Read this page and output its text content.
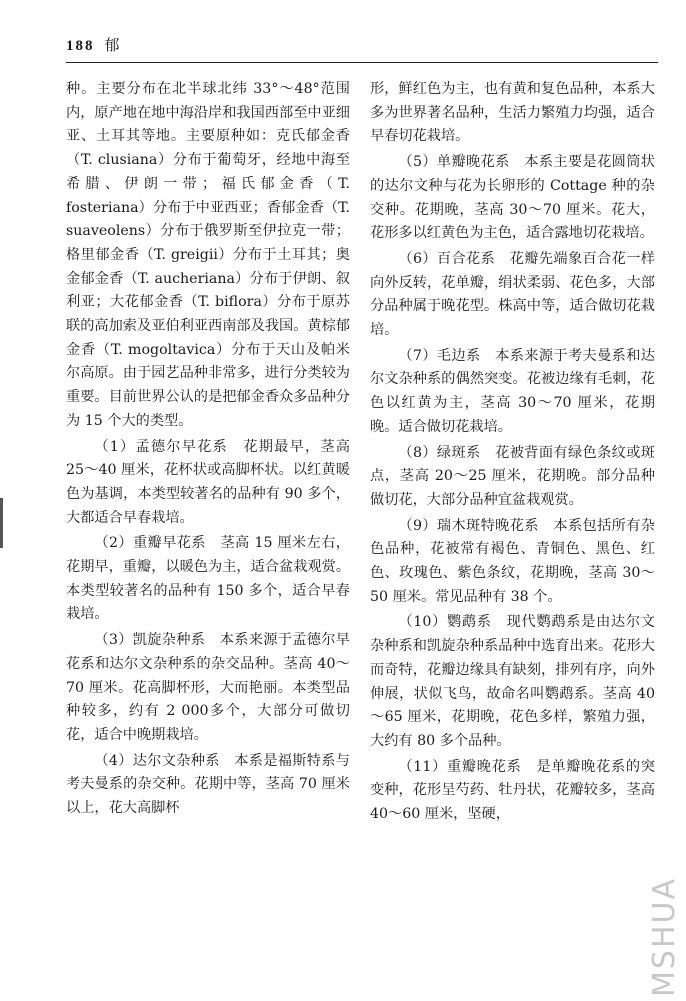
188 郁

种。主要分布在北半球北纬 33°～48°范围内，原产地在地中海沿岸和我国西部至中亚细亚、土耳其等地。主要原种如：克氏郁金香（T. clusiana）分布于葡萄牙，经地中海至希腊、伊朗一带；福氏郁金香（T. fosteriana）分布于中亚西亚；香郁金香（T. suaveolens）分布于俄罗斯至伊拉克一带；格里郁金香（T. greigii）分布于土耳其；奥金郁金香（T. aucheriana）分布于伊朗、叙利亚；大花郁金香（T. biflora）分布于原苏联的高加索及亚伯利亚西南部及我国。黄棕郁金香（T. mogoltavica）分布于天山及帕米尔高原。由于园艺品种非常多，进行分类较为重要。目前世界公认的是把郁金香众多品种分为 15 个大的类型。

（1）孟德尔早花系　花期最早，茎高 25～40 厘米，花杯状或高脚杯状。以红黄暖色为基调，本类型较著名的品种有 90 多个，大都适合早春栽培。

（2）重瓣早花系　茎高 15 厘米左右，花期早，重瓣，以暖色为主，适合盆栽观赏。本类型较著名的品种有 150 多个，适合早春栽培。

（3）凯旋杂种系　本系来源于孟德尔早花系和达尔文杂种系的杂交品种。茎高 40～70 厘米。花高脚杯形，大而艳丽。本类型品种较多，约有 2 000多个，大部分可做切花，适合中晚期栽培。

（4）达尔文杂种系　本系是福斯特系与考夫曼系的杂交种。花期中等，茎高 70 厘米以上，花大高脚杯

形，鲜红色为主，也有黄和复色品种，本系大多为世界著名品种，生活力繁殖力均强，适合早春切花栽培。

（5）单瓣晚花系　本系主要是花圆筒状的达尔文种与花为长卵形的 Cottage 种的杂交种。花期晚，茎高 30～70 厘米。花大，花形多以红黄色为主色，适合露地切花栽培。

（6）百合花系　花瓣先端象百合花一样向外反转，花单瓣，绢状柔弱、花色多，大部分品种属于晚花型。株高中等，适合做切花栽培。

（7）毛边系　本系来源于考夫曼系和达尔文杂种系的偶然突变。花被边缘有毛刺，花色以红黄为主，茎高 30～70 厘米，花期晚。适合做切花栽培。

（8）绿斑系　花被背面有绿色条纹或斑点，茎高 20～25 厘米，花期晚。部分品种做切花，大部分品种宜盆栽观赏。

（9）瑞木斑特晚花系　本系包括所有杂色品种，花被常有褐色、青铜色、黑色、红色、玫瑰色、紫色条纹，花期晚，茎高 30～50 厘米。常见品种有 38 个。

（10）鹦鹉系　现代鹦鹉系是由达尔文杂种系和凯旋杂种系品种中选育出来。花形大而奇特，花瓣边缘具有缺刻，排列有序，向外伸展，状似飞鸟，故命名叫鹦鹉系。茎高 40～65 厘米，花期晚，花色多样，繁殖力强，大约有 80 多个品种。

（11）重瓣晚花系　是单瓣晚花系的突变种，花形呈芍药、牡丹状，花瓣较多，茎高 40～60 厘米，坚硬，

MSHUA
